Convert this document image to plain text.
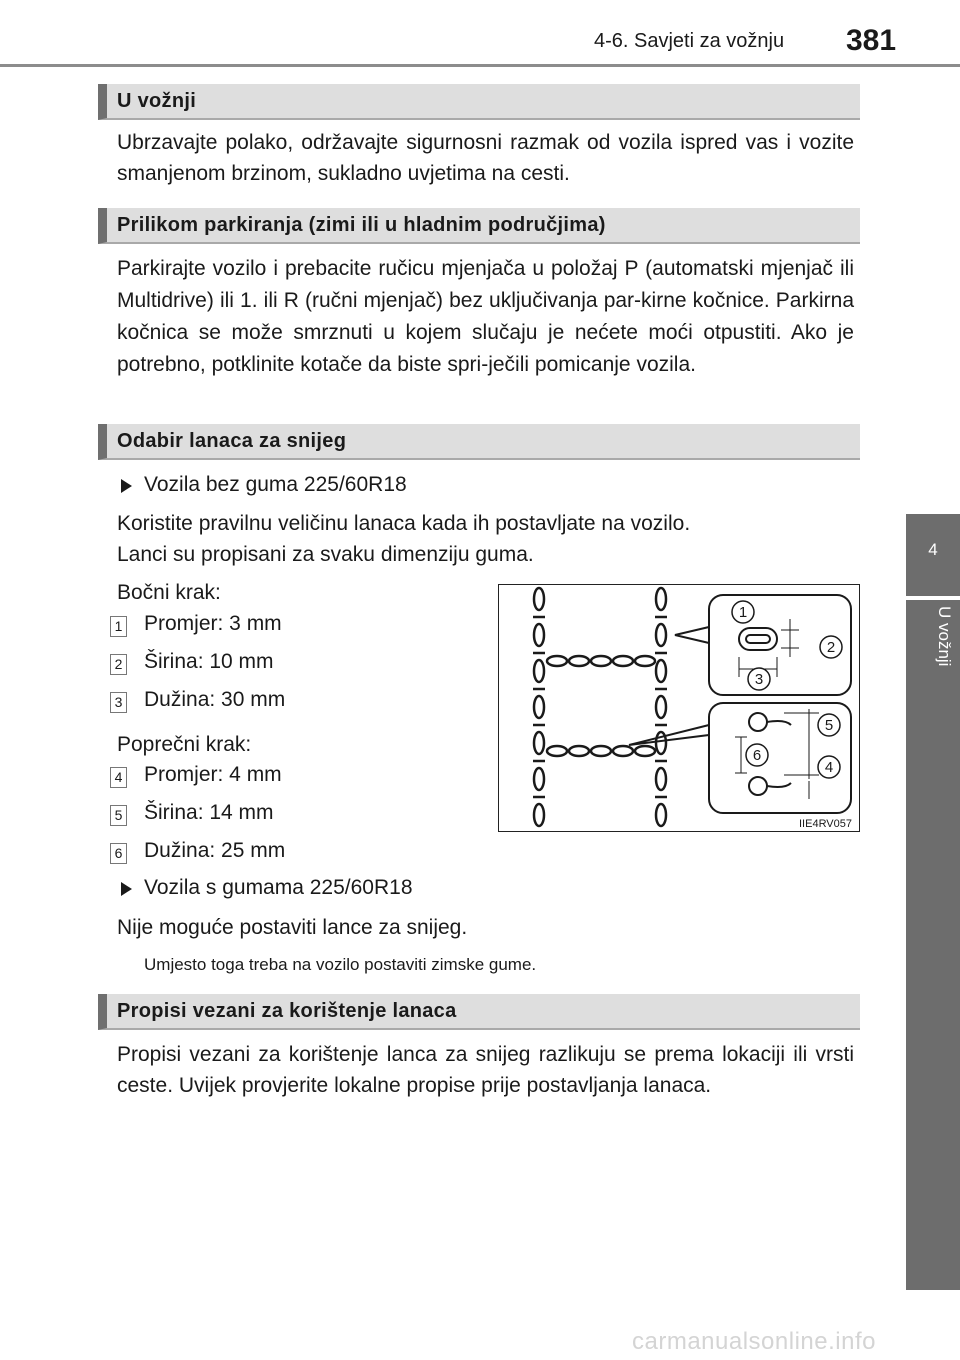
4-6. Savjeti za vožnju 381
4
U vožnji
U vožnji
Ubrzavajte polako, održavajte sigurnosni razmak od vozila ispred vas i vozite smanjenom brzinom, sukladno uvjetima na cesti.
Prilikom parkiranja (zimi ili u hladnim područjima)
Parkirajte vozilo i prebacite ručicu mjenjača u položaj P (automatski mjenjač ili Multidrive) ili 1. ili R (ručni mjenjač) bez uključivanja par-kirne kočnice. Parkirna kočnica se može smrznuti u kojem slučaju je nećete moći otpustiti. Ako je potrebno, potklinite kotače da biste spri-ječili pomicanje vozila.
Odabir lanaca za snijeg
Vozila bez guma 225/60R18
Koristite pravilnu veličinu lanaca kada ih postavljate na vozilo.
Lanci su propisani za svaku dimenziju guma.
Bočni krak:
1 Promjer: 3 mm
2 Širina: 10 mm
3 Dužina: 30 mm
Poprečni krak:
4 Promjer: 4 mm
5 Širina: 14 mm
6 Dužina: 25 mm
Vozila s gumama 225/60R18
Nije moguće postaviti lance za snijeg.
Umjesto toga treba na vozilo postaviti zimske gume.
1
2
3
4
5
6
IIE4RV057
Propisi vezani za korištenje lanaca
Propisi vezani za korištenje lanca za snijeg razlikuju se prema lokaciji ili vrsti ceste. Uvijek provjerite lokalne propise prije postavljanja lanaca.
carmanualsonline.info
